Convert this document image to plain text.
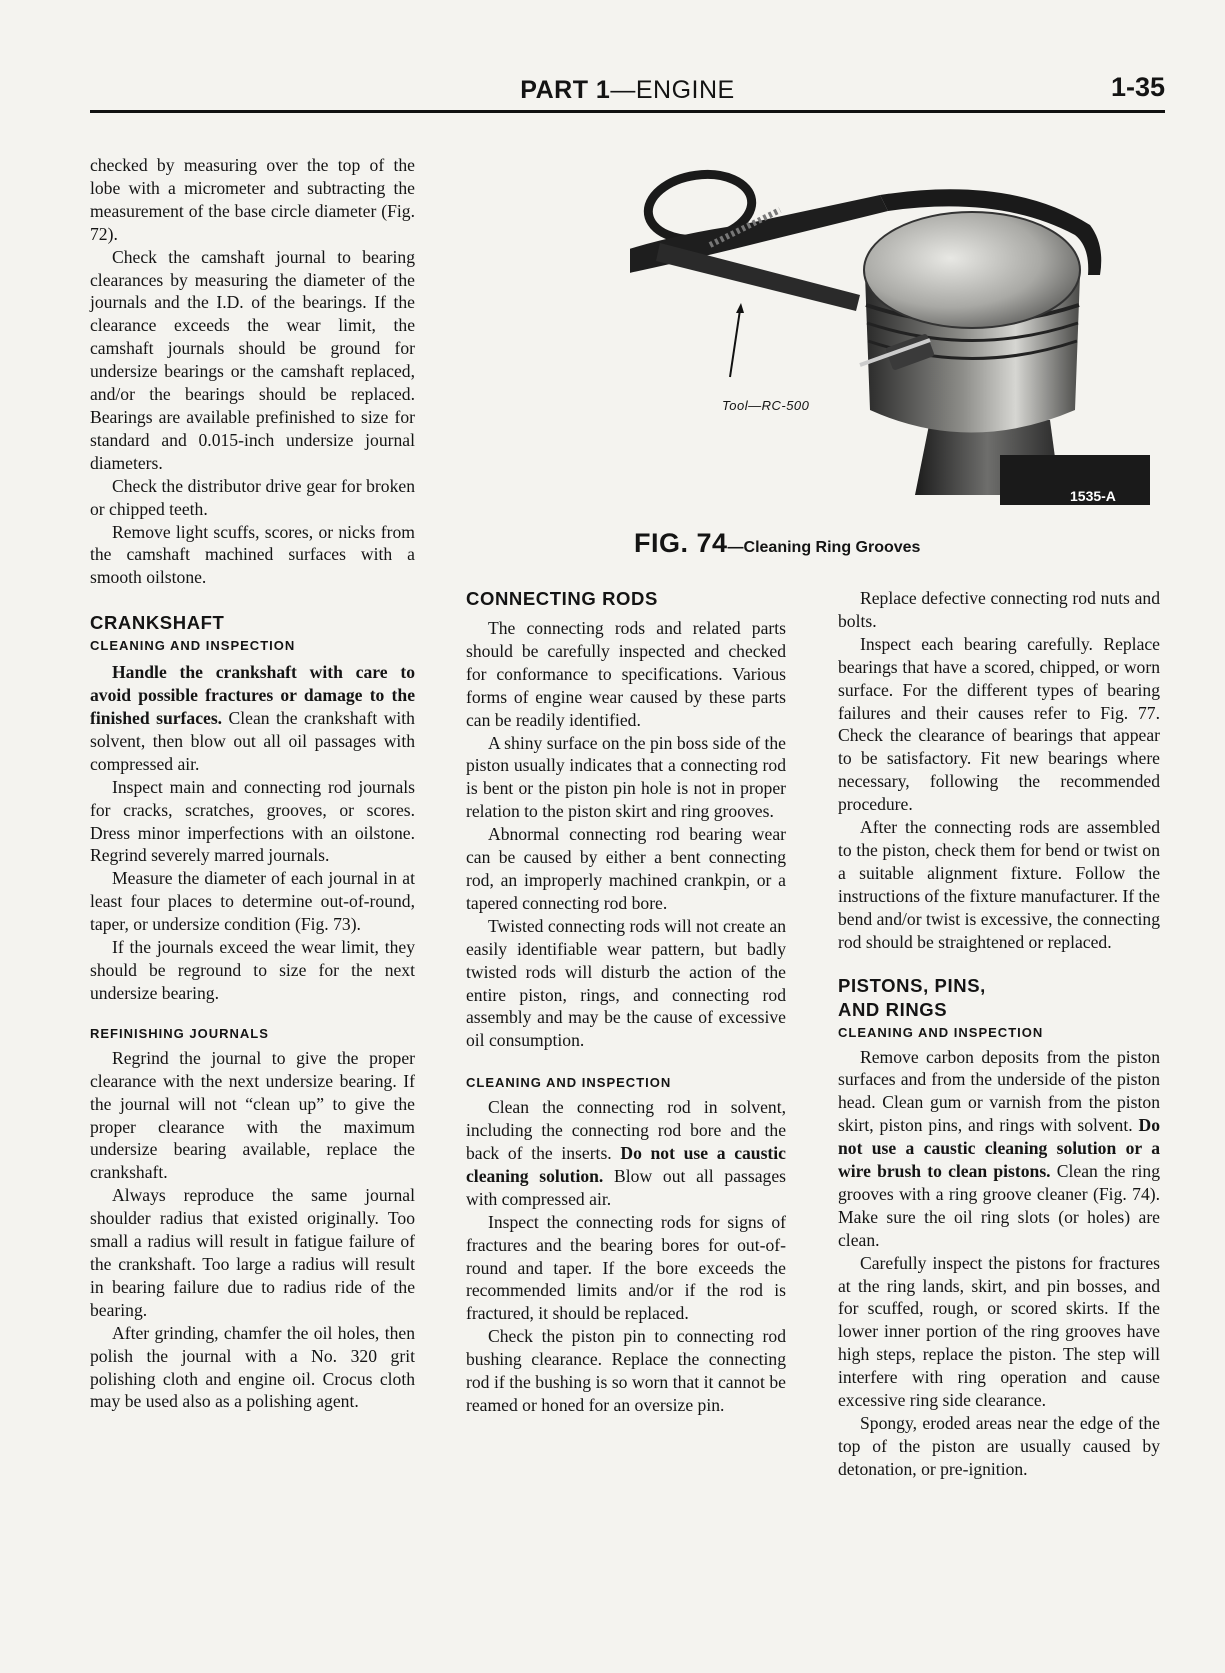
PART 1—ENGINE	1-35

checked by measuring over the top of the lobe with a micrometer and subtracting the measurement of the base circle diameter (Fig. 72).

Check the camshaft journal to bearing clearances by measuring the diameter of the journals and the I.D. of the bearings. If the clearance exceeds the wear limit, the camshaft journals should be ground for undersize bearings or the camshaft replaced, and/or the bearings should be replaced. Bearings are available prefinished to size for standard and 0.015-inch undersize journal diameters.

Check the distributor drive gear for broken or chipped teeth.

Remove light scuffs, scores, or nicks from the camshaft machined surfaces with a smooth oilstone.

CRANKSHAFT
CLEANING AND INSPECTION

Handle the crankshaft with care to avoid possible fractures or damage to the finished surfaces. Clean the crankshaft with solvent, then blow out all oil passages with compressed air.

Inspect main and connecting rod journals for cracks, scratches, grooves, or scores. Dress minor imperfections with an oilstone. Regrind severely marred journals.

Measure the diameter of each journal in at least four places to determine out-of-round, taper, or undersize condition (Fig. 73).

If the journals exceed the wear limit, they should be reground to size for the next undersize bearing.

REFINISHING JOURNALS

Regrind the journal to give the proper clearance with the next undersize bearing. If the journal will not “clean up” to give the proper clearance with the maximum undersize bearing available, replace the crankshaft.

Always reproduce the same journal shoulder radius that existed originally. Too small a radius will result in fatigue failure of the crankshaft. Too large a radius will result in bearing failure due to radius ride of the bearing.

After grinding, chamfer the oil holes, then polish the journal with a No. 320 grit polishing cloth and engine oil. Crocus cloth may be used also as a polishing agent.

Tool—RC-500
1535-A
FIG. 74—Cleaning Ring Grooves
CONNECTING RODS

The connecting rods and related parts should be carefully inspected and checked for conformance to specifications. Various forms of engine wear caused by these parts can be readily identified.

A shiny surface on the pin boss side of the piston usually indicates that a connecting rod is bent or the piston pin hole is not in proper relation to the piston skirt and ring grooves.

Abnormal connecting rod bearing wear can be caused by either a bent connecting rod, an improperly machined crankpin, or a tapered connecting rod bore.

Twisted connecting rods will not create an easily identifiable wear pattern, but badly twisted rods will disturb the action of the entire piston, rings, and connecting rod assembly and may be the cause of excessive oil consumption.

CLEANING AND INSPECTION

Clean the connecting rod in solvent, including the connecting rod bore and the back of the inserts. Do not use a caustic cleaning solution. Blow out all passages with compressed air.

Inspect the connecting rods for signs of fractures and the bearing bores for out-of-round and taper. If the bore exceeds the recommended limits and/or if the rod is fractured, it should be replaced.

Check the piston pin to connecting rod bushing clearance. Replace the connecting rod if the bushing is so worn that it cannot be reamed or honed for an oversize pin.

Replace defective connecting rod nuts and bolts.

Inspect each bearing carefully. Replace bearings that have a scored, chipped, or worn surface. For the different types of bearing failures and their causes refer to Fig. 77. Check the clearance of bearings that appear to be satisfactory. Fit new bearings where necessary, following the recommended procedure.

After the connecting rods are assembled to the piston, check them for bend or twist on a suitable alignment fixture. Follow the instructions of the fixture manufacturer. If the bend and/or twist is excessive, the connecting rod should be straightened or replaced.

PISTONS, PINS,
AND RINGS
CLEANING AND INSPECTION

Remove carbon deposits from the piston surfaces and from the underside of the piston head. Clean gum or varnish from the piston skirt, piston pins, and rings with solvent. Do not use a caustic cleaning solution or a wire brush to clean pistons. Clean the ring grooves with a ring groove cleaner (Fig. 74). Make sure the oil ring slots (or holes) are clean.

Carefully inspect the pistons for fractures at the ring lands, skirt, and pin bosses, and for scuffed, rough, or scored skirts. If the lower inner portion of the ring grooves have high steps, replace the piston. The step will interfere with ring operation and cause excessive ring side clearance.

Spongy, eroded areas near the edge of the top of the piston are usually caused by detonation, or pre-ignition.
